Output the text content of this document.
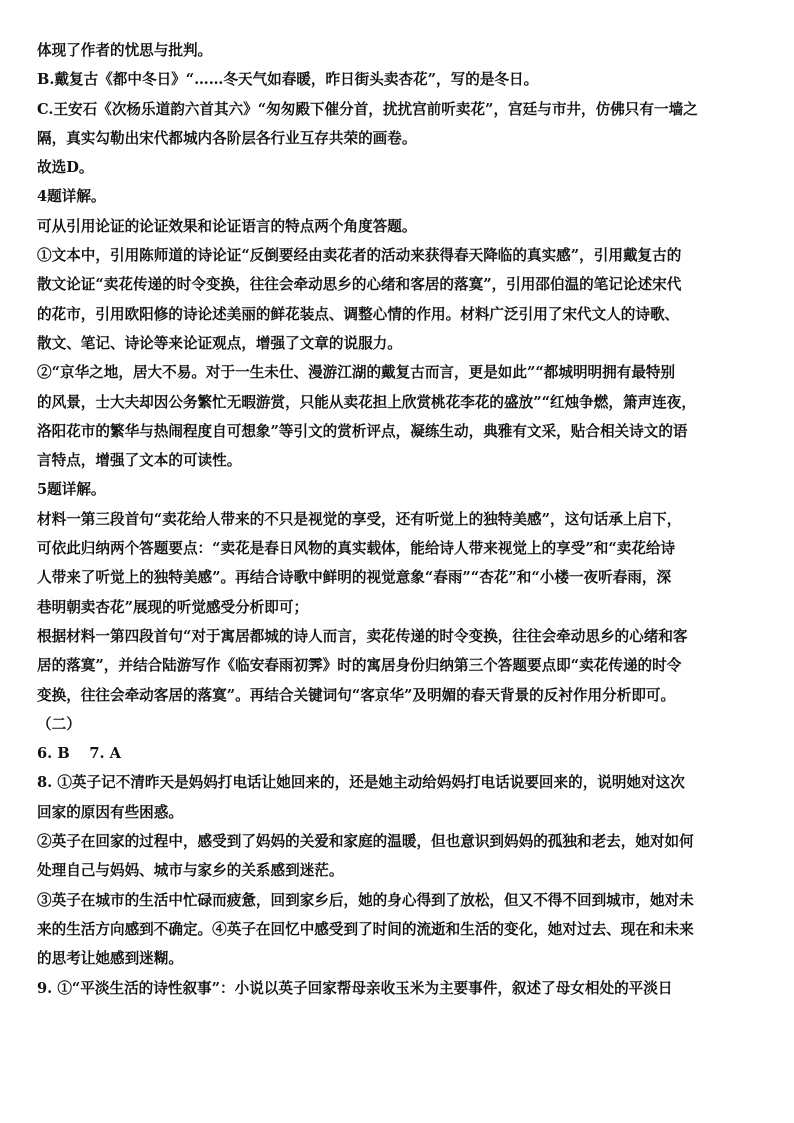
体现了作者的忧思与批判。
B.戴复古《都中冬日》“……冬天气如春暖，昨日街头卖杏花”，写的是冬日。
C.王安石《次杨乐道韵六首其六》“匆匆殿下催分首，扰扰宫前听卖花”，宫廷与市井，仿佛只有一墙之
隔，真实勾勒出宋代都城内各阶层各行业互存共荣的画卷。
故选D。
4题详解。
可从引用论证的论证效果和论证语言的特点两个角度答题。
①文本中，引用陈师道的诗论证“反倒要经由卖花者的活动来获得春天降临的真实感”，引用戴复古的
散文论证“卖花传递的时令变换，往往会牵动思乡的心绪和客居的落寞”，引用邵伯温的笔记论述宋代
的花市，引用欧阳修的诗论述美丽的鲜花装点、调整心情的作用。材料广泛引用了宋代文人的诗歌、
散文、笔记、诗论等来论证观点，增强了文章的说服力。
②“京华之地，居大不易。对于一生未仕、漫游江湖的戴复古而言，更是如此”“都城明明拥有最特别
的风景，士大夫却因公务繁忙无暇游赏，只能从卖花担上欣赏桃花李花的盛放”“红烛争燃，箫声连夜，
洛阳花市的繁华与热闹程度自可想象”等引文的赏析评点，凝练生动，典雅有文采，贴合相关诗文的语
言特点，增强了文本的可读性。
5题详解。
材料一第三段首句“卖花给人带来的不只是视觉的享受，还有听觉上的独特美感”，这句话承上启下，
可依此归纳两个答题要点：“卖花是春日风物的真实载体，能给诗人带来视觉上的享受”和“卖花给诗
人带来了听觉上的独特美感”。再结合诗歌中鲜明的视觉意象“春雨”“杏花”和“小楼一夜听春雨，深
巷明朝卖杏花”展现的听觉感受分析即可；
根据材料一第四段首句“对于寓居都城的诗人而言，卖花传递的时令变换，往往会牵动思乡的心绪和客
居的落寞”，并结合陆游写作《临安春雨初霁》时的寓居身份归纳第三个答题要点即“卖花传递的时令
变换，往往会牵动客居的落寞”。再结合关键词句“客京华”及明媚的春天背景的反衬作用分析即可。
（二）
6. B　 7. A
8. ①英子记不清昨天是妈妈打电话让她回来的，还是她主动给妈妈打电话说要回来的，说明她对这次
回家的原因有些困惑。
②英子在回家的过程中，感受到了妈妈的关爱和家庭的温暖，但也意识到妈妈的孤独和老去，她对如何
处理自己与妈妈、城市与家乡的关系感到迷茫。
③英子在城市的生活中忙碌而疲惫，回到家乡后，她的身心得到了放松，但又不得不回到城市，她对未
来的生活方向感到不确定。④英子在回忆中感受到了时间的流逝和生活的变化，她对过去、现在和未来
的思考让她感到迷糊。
9. ①“平淡生活的诗性叙事”：小说以英子回家帮母亲收玉米为主要事件，叙述了母女相处的平淡日
